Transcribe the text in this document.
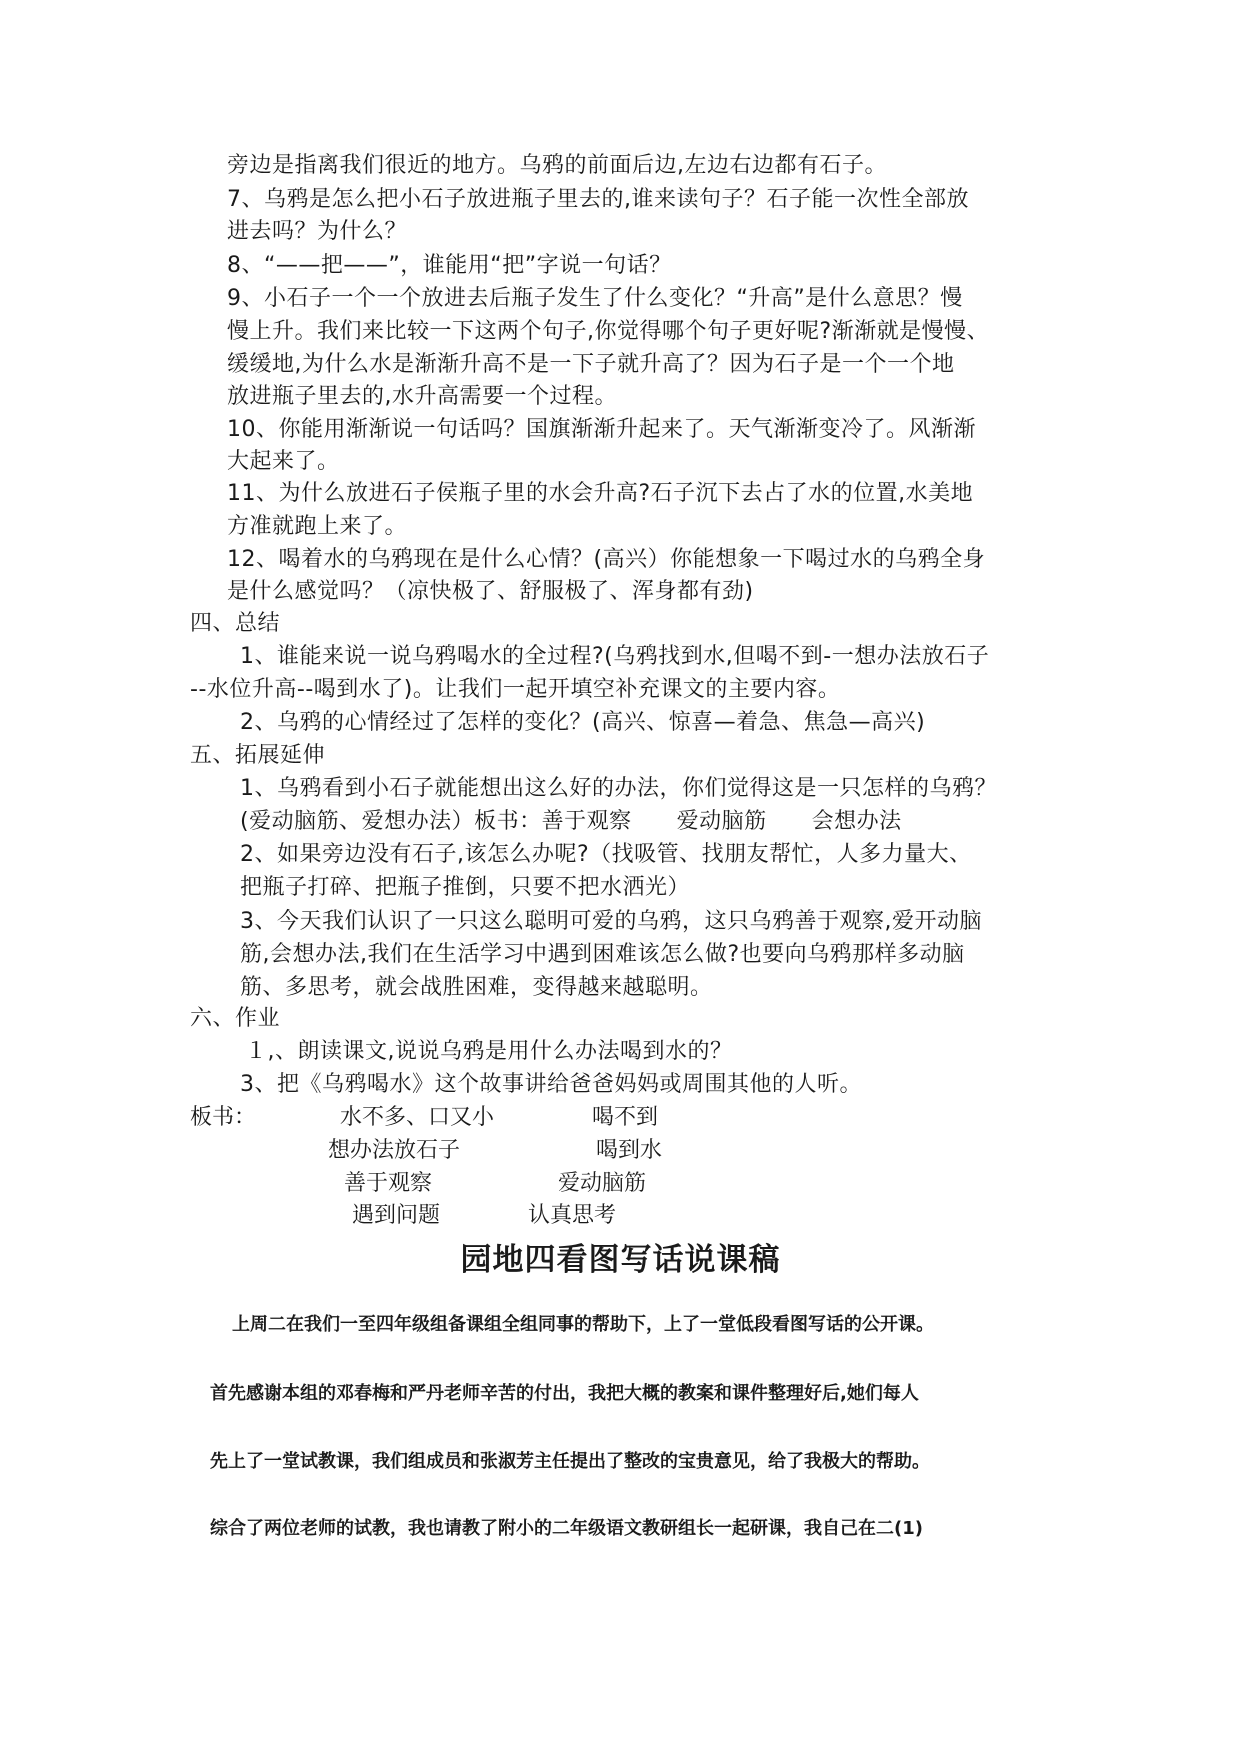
旁边是指离我们很近的地方。乌鸦的前面后边,左边右边都有石子。
7、乌鸦是怎么把小石子放进瓶子里去的,谁来读句子？石子能一次性全部放
进去吗？为什么？
8、“——把——”，谁能用“把”字说一句话？
9、小石子一个一个放进去后瓶子发生了什么变化？“升高”是什么意思？慢
慢上升。我们来比较一下这两个句子,你觉得哪个句子更好呢?渐渐就是慢慢、
缓缓地,为什么水是渐渐升高不是一下子就升高了？因为石子是一个一个地
放进瓶子里去的,水升高需要一个过程。
10、你能用渐渐说一句话吗？国旗渐渐升起来了。天气渐渐变冷了。风渐渐
大起来了。
11、为什么放进石子侯瓶子里的水会升高?石子沉下去占了水的位置,水美地
方准就跑上来了。
12、喝着水的乌鸦现在是什么心情？(高兴）你能想象一下喝过水的乌鸦全身
是什么感觉吗？（凉快极了、舒服极了、浑身都有劲)
四、总结
1、谁能来说一说乌鸦喝水的全过程?(乌鸦找到水,但喝不到-一想办法放石子
--水位升高--喝到水了)。让我们一起开填空补充课文的主要内容。
2、乌鸦的心情经过了怎样的变化？(高兴、惊喜—着急、焦急—高兴)
五、拓展延伸
1、乌鸦看到小石子就能想出这么好的办法，你们觉得这是一只怎样的乌鸦？
(爱动脑筋、爱想办法）板书：善于观察　　爱动脑筋　　会想办法
2、如果旁边没有石子,该怎么办呢?（找吸管、找朋友帮忙，人多力量大、
把瓶子打碎、把瓶子推倒，只要不把水洒光）
3、今天我们认识了一只这么聪明可爱的乌鸦，这只乌鸦善于观察,爱开动脑
筋,会想办法,我们在生活学习中遇到困难该怎么做?也要向乌鸦那样多动脑
筋、多思考，就会战胜困难，变得越来越聪明。
六、作业
１,、朗读课文,说说乌鸦是用什么办法喝到水的？
3、把《乌鸦喝水》这个故事讲给爸爸妈妈或周围其他的人听。
板书：	水不多、口又小	喝不到
想办法放石子	喝到水
善于观察	爱动脑筋
遇到问题	认真思考
园地四看图写话说课稿
上周二在我们一至四年级组备课组全组同事的帮助下，上了一堂低段看图写话的公开课。
首先感谢本组的邓春梅和严丹老师辛苦的付出，我把大概的教案和课件整理好后,她们每人
先上了一堂试教课，我们组成员和张淑芳主任提出了整改的宝贵意见，给了我极大的帮助。
综合了两位老师的试教，我也请教了附小的二年级语文教研组长一起研课，我自己在二(1)
